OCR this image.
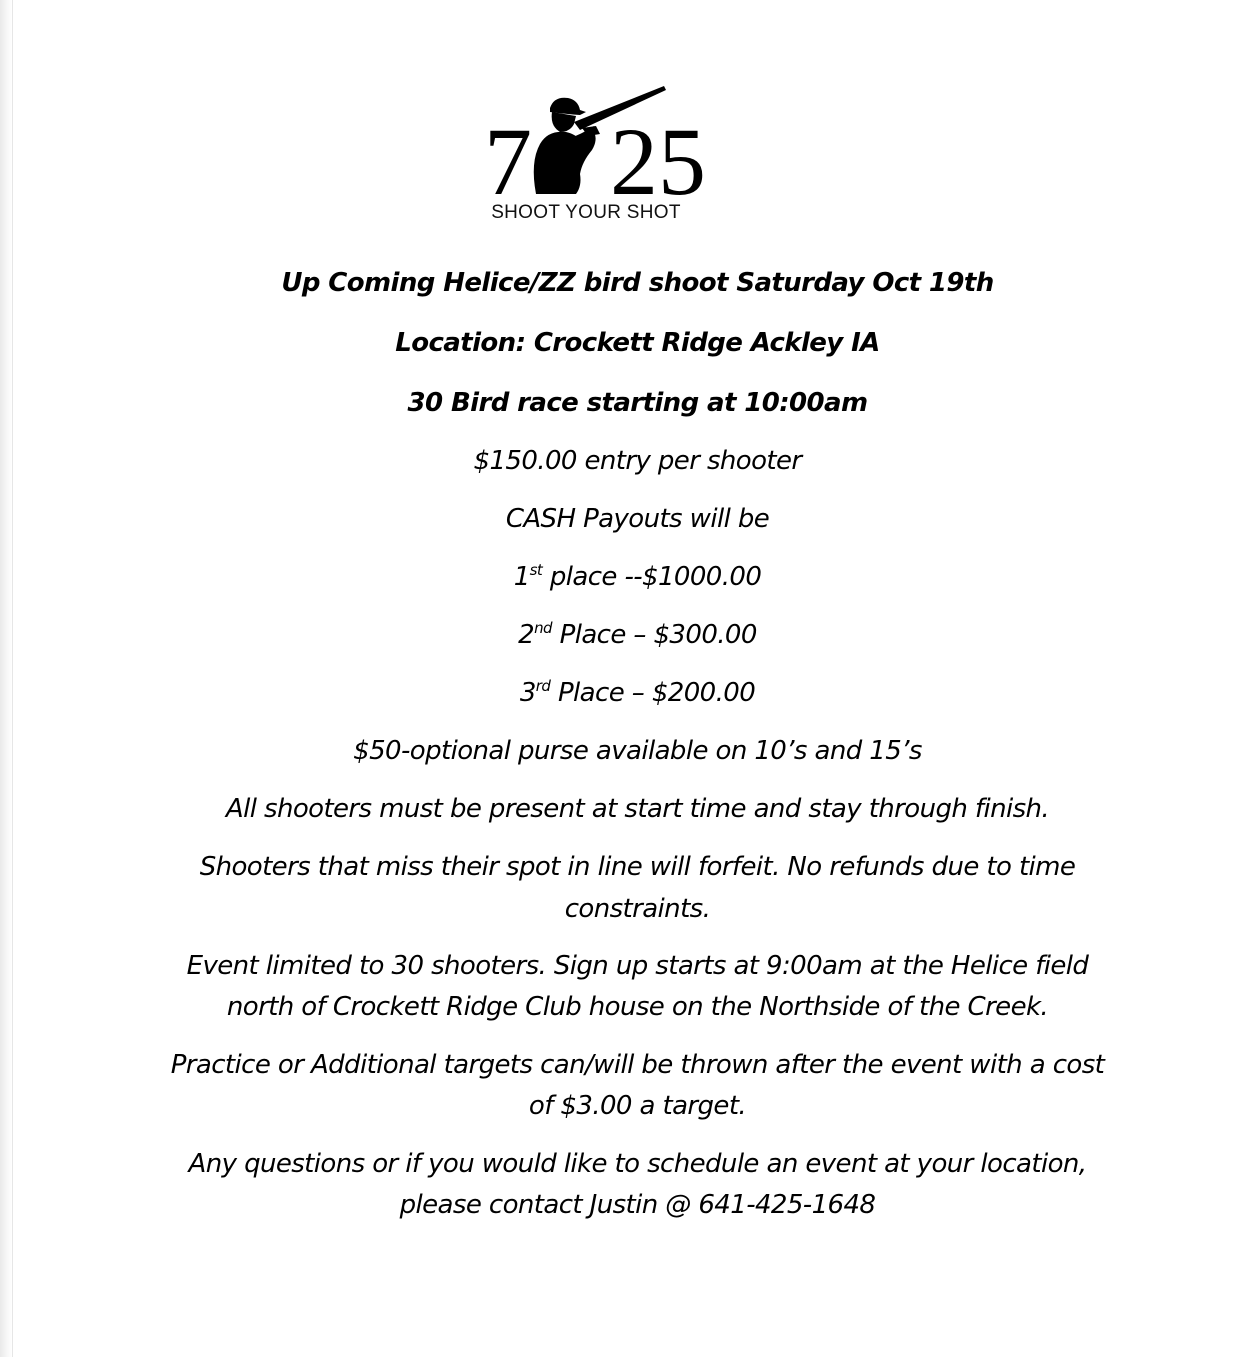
7 25
SHOOT YOUR SHOT
Up Coming Helice/ZZ bird shoot Saturday Oct 19th
Location: Crockett Ridge Ackley IA
30 Bird race starting at 10:00am
$150.00 entry per shooter
CASH Payouts will be
1st place --$1000.00
2nd Place – $300.00
3rd Place – $200.00
$50-optional purse available on 10’s and 15’s
All shooters must be present at start time and stay through finish.
Shooters that miss their spot in line will forfeit. No refunds due to time
constraints.
Event limited to 30 shooters. Sign up starts at 9:00am at the Helice field
north of Crockett Ridge Club house on the Northside of the Creek.
Practice or Additional targets can/will be thrown after the event with a cost
of $3.00 a target.
Any questions or if you would like to schedule an event at your location,
please contact Justin @ 641-425-1648
